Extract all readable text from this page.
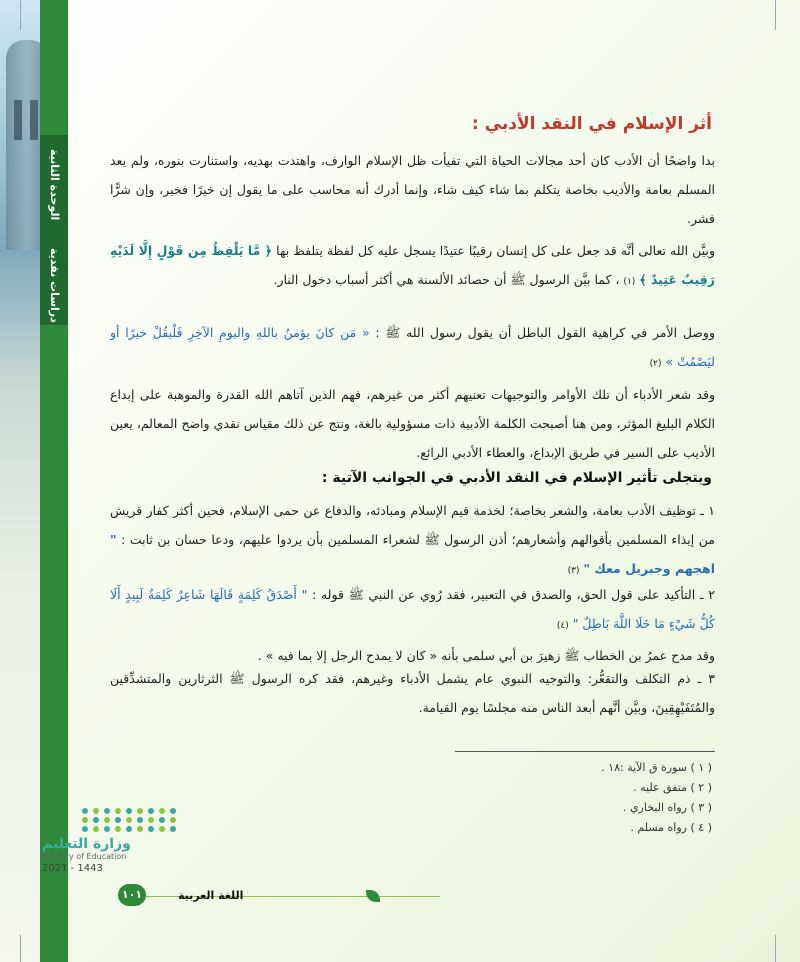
الوحدة الثانية
دراسات نقدية
أثر الإسلام في النقد الأدبي :

بدا واضحًا أن الأدب كان أحد مجالات الحياة التي تفيأت ظل الإسلام الوارف، واهتدت بهديه، واستنارت بنوره، ولم يعد المسلم بعامة والأديب بخاصة يتكلم بما شاء كيف شاء، وإنما أدرك أنه محاسب على ما يقول إن خيرًا فخير، وإن شرًّا فشر.

وبيَّن الله تعالى أنَّه قد جعل على كل إنسان رقيبًا عتيدًا يسجل عليه كل لفظة يتلفظ بها ﴿ مَّا يَلْفِظُ مِن قَوْلٍ إِلَّا لَدَيْهِ رَقِيبٌ عَتِيدٌ ﴾ (١) ، كما بيَّن الرسول ﷺ أن حصائد الألسنة هي أكثر أسباب دخول النار.

ووصل الأمر في كراهية القول الباطل أن يقول رسول الله ﷺ : « مَن كانَ يؤمنُ باللهِ واليومِ الآخِرِ فَلْيقُلْ خيرًا أو ليَصْمُتْ » (٢)

وقد شعر الأدباء أن تلك الأوامر والتوجيهات تعنيهم أكثر من غيرهم، فهم الذين آتاهم الله القدرة والموهبة على إبداع الكلام البليغ المؤثر، ومن هنا أصبحت الكلمة الأدبية ذات مسؤولية بالغة، ونتج عن ذلك مقياس نقدي واضح المعالم، يعين الأديب على السير في طريق الإبداع، والعطاء الأدبي الرائع.

ويتجلى تأثير الإسلام في النقد الأدبي في الجوانب الآتية :

١ ـ توظيف الأدب بعامة، والشعر بخاصة؛ لخدمة قيم الإسلام ومبادئه، والدفاع عن حمى الإسلام، فحين أكثر كفار قريش من إيذاء المسلمين بأقوالهم وأشعارهم؛ أذن الرسول ﷺ لشعراء المسلمين بأن يردوا عليهم، ودعا حسان بن ثابت : " اهجهم وجبريل معك " (٣)

٢ ـ التأكيد على قول الحق، والصدق في التعبير، فقد رُوي عن النبي ﷺ قوله : " أَصْدَقُ كَلِمَةٍ قَالَهَا شَاعِرٌ كَلِمَةُ لَبِيدٍ أَلَا كُلُّ شَيْءٍ مَا خَلَا اللَّهَ بَاطِلٌ " (٤)

وقد مدح عمرُ بن الخطاب ﷺ زهيرَ بن أبي سلمى بأنه « كان لا يمدح الرجل إلا بما فيه » .

٣ ـ ذم التكلف والتقعُّر: والتوجيه النبوي عام يشمل الأدباء وغيرهم، فقد كره الرسول ﷺ الثرثارين والمتشدِّقين والمُتَفَيْهِقِينَ، وبيَّن أنَّهم أبعد الناس منه مجلسًا يوم القيامة.

( ١ ) سورة ق الآية :١٨ .
( ٢ ) متفق عليه .
( ٣ ) رواه البخاري .
( ٤ ) رواه مسلم .
وزارة التعليم
Ministry of Education
2021 - 1443
اللغة العربية
١٠١
